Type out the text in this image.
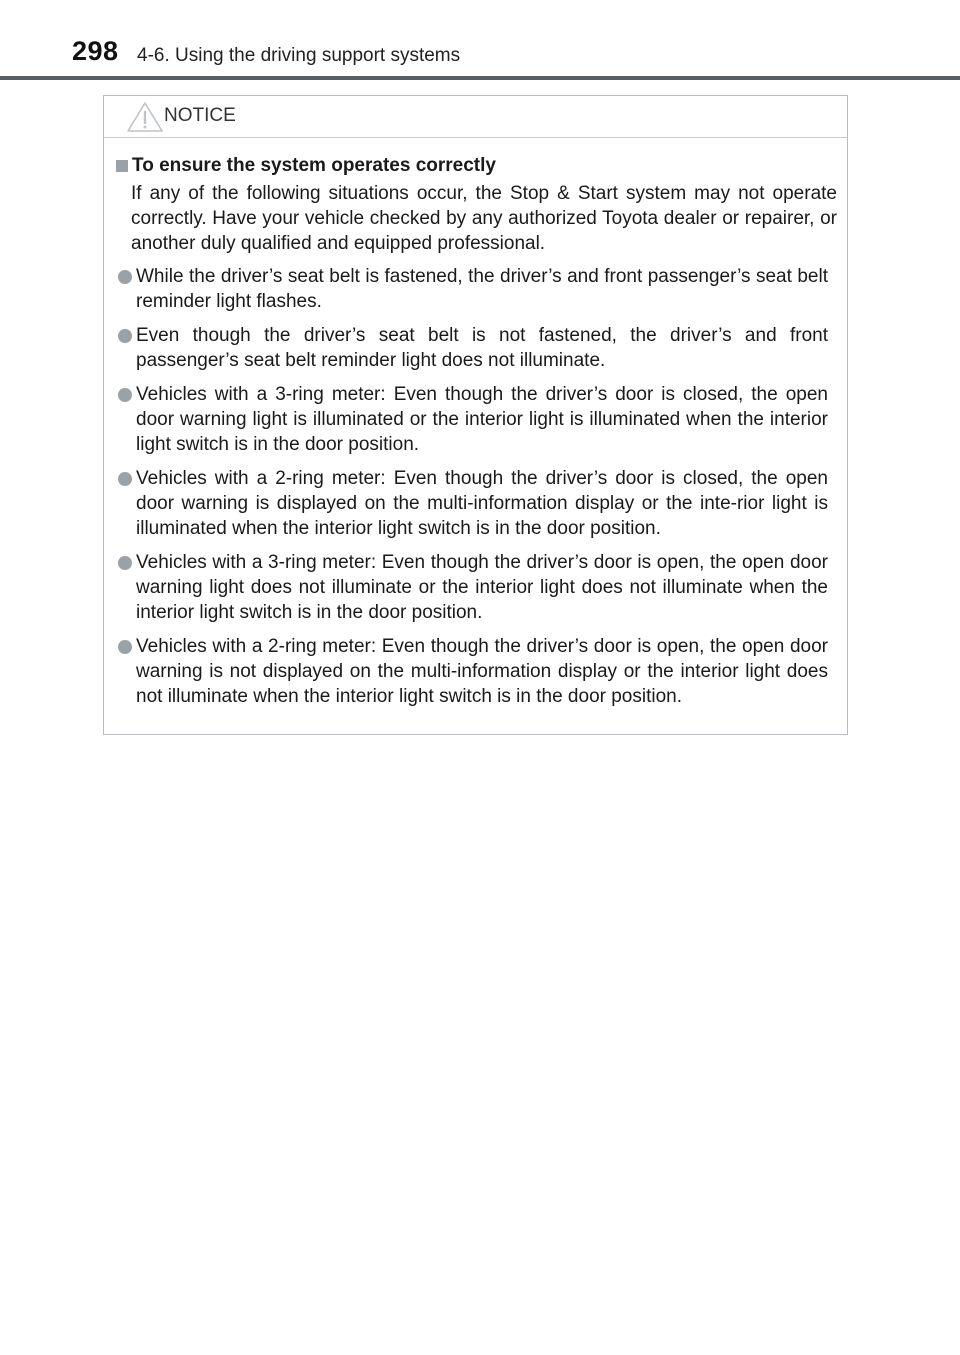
298 4-6. Using the driving support systems
NOTICE
To ensure the system operates correctly

If any of the following situations occur, the Stop & Start system may not operate correctly. Have your vehicle checked by any authorized Toyota dealer or repairer, or another duly qualified and equipped professional.

While the driver’s seat belt is fastened, the driver’s and front passenger’s seat belt reminder light flashes.
Even though the driver’s seat belt is not fastened, the driver’s and front passenger’s seat belt reminder light does not illuminate.
Vehicles with a 3-ring meter: Even though the driver’s door is closed, the open door warning light is illuminated or the interior light is illuminated when the interior light switch is in the door position.
Vehicles with a 2-ring meter: Even though the driver’s door is closed, the open door warning is displayed on the multi-information display or the inte-rior light is illuminated when the interior light switch is in the door position.
Vehicles with a 3-ring meter: Even though the driver’s door is open, the open door warning light does not illuminate or the interior light does not illuminate when the interior light switch is in the door position.
Vehicles with a 2-ring meter: Even though the driver’s door is open, the open door warning is not displayed on the multi-information display or the interior light does not illuminate when the interior light switch is in the door position.
